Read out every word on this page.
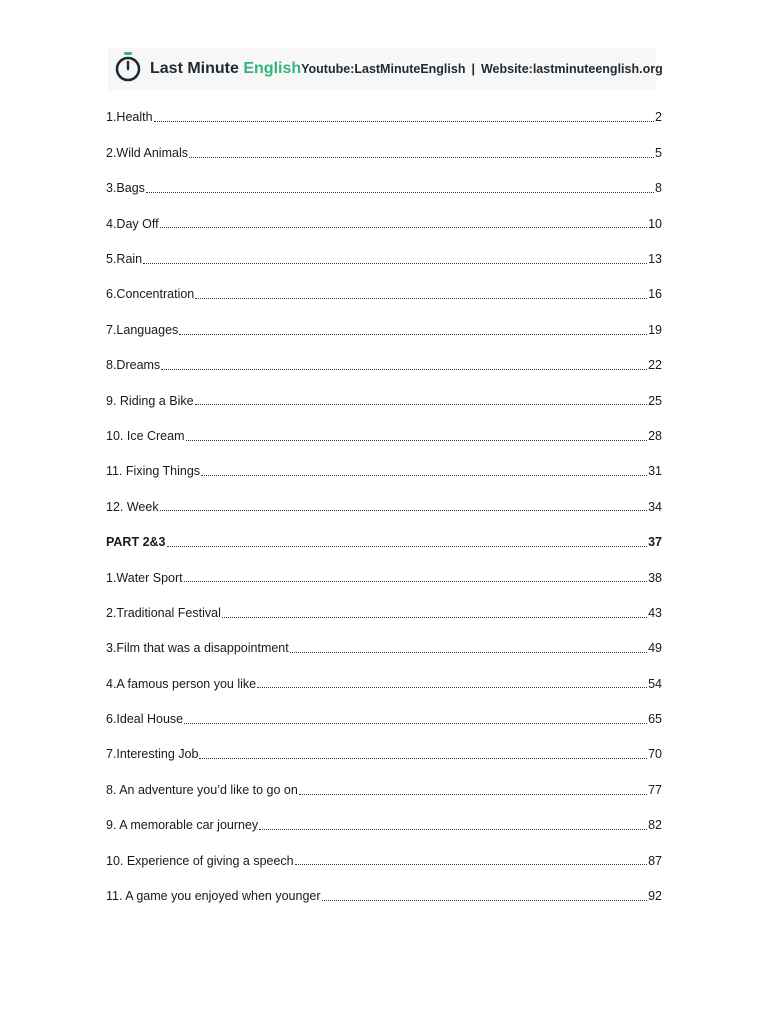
Last Minute English Youtube:LastMinuteEnglish | Website:lastminuteenglish.org
1.Health	2
2.Wild Animals	5
3.Bags	8
4.Day Off	10
5.Rain	13
6.Concentration	16
7.Languages	19
8.Dreams	22
9. Riding a Bike	25
10. Ice Cream	28
11. Fixing Things	31
12. Week	34
PART 2&3	37
1.Water Sport	38
2.Traditional Festival	43
3.Film that was a disappointment	49
4.A famous person you like	54
6.Ideal House	65
7.Interesting Job	70
8. An adventure you’d like to go on	77
9. A memorable car journey	82
10. Experience of giving a speech	87
11. A game you enjoyed when younger	92
